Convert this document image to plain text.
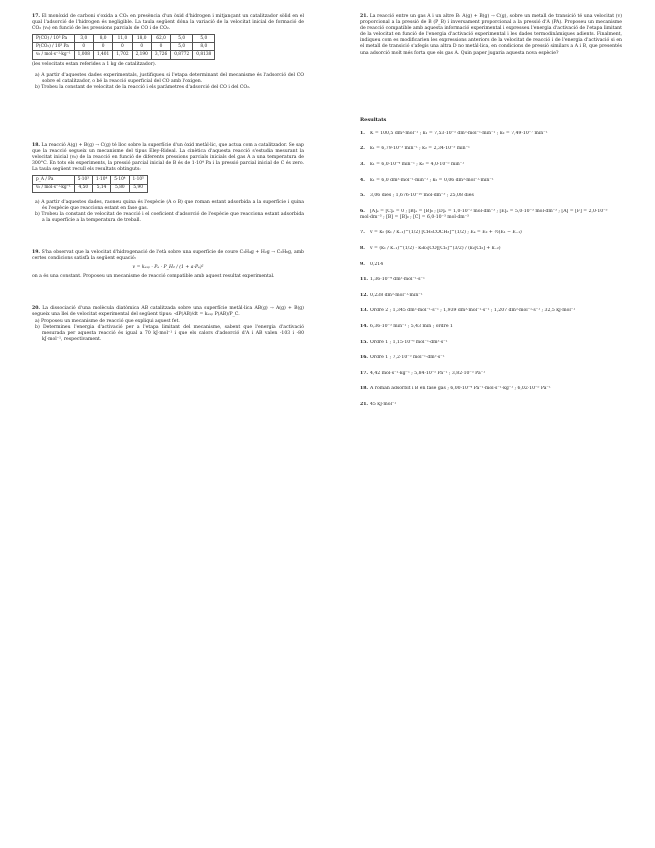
17. El monòxid de carboni s'oxida a CO₂ en presència d'un òxid d'hidrogen i mitjançant un catalitzador sòlid en el qual l'adsorció de l'hidrogen és negligible. La taula següent dóna la variació de la velocitat inicial de formació de CO₂ (v₀) en funció de les pressions parcials de CO i de CO₂.
P(CO) / 10³ Pa	3,0	8,0	11,0	18,0	62,0	5,0	5,0
P(CO₂) / 10³ Pa	0	0	0	0	0	5,0	8,0
v₀ / mol·s⁻¹·kg⁻¹	1,008	1,401	1,702	2,190	3,726	0,8772	0,8138
(les velocitats estan referides a 1 kg de catalitzador).
a) A partir d'aquestes dades experimentals, justifiqueu si l'etapa determinant del mecanisme és l'adsorció del CO sobre el catalitzador, o bé la reacció superficial del CO amb l'oxigen.
b) Trobeu la constant de velocitat de la reacció i els paràmetres d'adsorció del CO i del CO₂.
18. La reacció A(g) + B(g) → C(g) té lloc sobre la superfície d'un òxid metàl·lic, que actua com a catalitzador. Se sap que la reacció segueix un mecanisme del tipus Eley-Rideal. La cinètica d'aquesta reacció s'estudia mesurant la velocitat inicial (v₀) de la reacció en funció de diferents pressions parcials inicials del gas A a una temperatura de 300°C. En tots els experiments, la pressió parcial inicial de B és de 1·10⁴ Pa i la pressió parcial inicial de C és zero. La taula següent recull els resultats obtinguts:
p_A / Pa	5·10³	1·10⁴	5·10⁴	1·10⁵
v₀ / mol·s⁻¹·kg⁻¹	4,50	5,14	5,80	5,90
a) A partir d'aquestes dades, raoneu quina és l'espècie (A o B) que roman estant adsorbida a la superfície i quina és l'espècie que reacciona estant en fase gas.
b) Trobeu la constant de velocitat de reacció i el coeficient d'adsorció de l'espècie que reacciona estant adsorbida a la superfície a la temperatura de treball.
19. S'ha observat que la velocitat d'hidrogenació de l'età sobre una superfície de coure C₂H₄g + H₂g → C₂H₆g, amb certes condicions satisfà la següent equació:
v = kₑₓₚ · Pₑ · P_H₂ / (1 + a·Pₑ)²
on a és una constant. Proposeu un mecanisme de reacció compatible amb aquest resultat experimental.
20. La dissociació d'una molècula diatòmica AB catalitzada sobre una superfície metàl·lica AB(g) → A(g) + B(g) segueix una llei de velocitat experimental del següent tipus: -dP(AB)/dt = kₑₓₚ P(AB)/P_C.
a) Proposeu un mecanisme de reacció que expliqui aquest fet.
b) Determineu l'energia d'activació per a l'etapa limitant del mecanisme, sabent que l'energia d'activació mesurada per aquesta reacció és igual a 70 kJ·mol⁻¹ i que els calors d'adsorció d'A i AB valen -103 i -80 kJ·mol⁻¹, respectivament.
21. La reacció entre un gas A i un altre B: A(g) + B(g) → C(g), sobre un metall de transició té una velocitat (v) proporcional a la pressió de B (P_B) i inversament proporcional a la pressió d'A (PA). Proposeu un mecanisme de reacció compatible amb aquesta informació experimental i expresseu l'energia d'activació de l'etapa limitant de la velocitat en funció de l'energia d'activació experimental i les dades termodinàmiques adients. Finalment, indiqueu com es modificarien les expressions anteriors de la velocitat de reacció i de l'energia d'activació si en el metall de transició s'afegís una altra D no metàl·lica, en condicions de pressió similars a A i B, que presentés una adsorció molt més forta que els gas A. Quin paper jugaria aquesta nova espècie?
Resultats
1. K = 100,5 dm³·mol⁻¹ ; k₁ = 7,53·10⁻⁵ dm³·mol⁻¹·min⁻¹ ; k₂ = 7,49·10⁻⁷ min⁻¹
2. k₁ = 6,79·10⁻³ min⁻¹ ; k₂ = 2,34·10⁻³ min⁻¹
3. k₁ = 6,0·10⁻⁴ min⁻¹ ; k₂ = 4,0·10⁻⁵ min⁻¹
4. k₁ = 6,0 dm³·mol⁻¹·min⁻¹ ; k₂ = 0,06 dm³·mol⁻¹·min⁻¹
5. 3,06 dies ; 1,676·10⁻¹⁰ mol·dm⁻³ ; 25,08 dies
6. [A]ₑ = [C]ₑ = 0 ; [B]ₑ = [B]₀ ; [D]ₑ = 1,0·10⁻² mol·dm⁻³ ; [E]ₑ = 5,0·10⁻³ mol·dm⁻³ ; [A] = [F] = 2,0·10⁻³ mol·dm⁻³ ; [B] = [B]₀ ; [C] = 6,0·10⁻³ mol·dm⁻³
7. v = k₂ (k₁ / k₋₁)^(1/2) [CH₃COCH₃]^(1/2) ; Eₐ = E₂ + ½(E₁ − E₋₁)
8. v = (k₁ / k₋₁)^(1/2) · k₂k₃[CO][Cl₂]^(3/2) / (k₂[Cl₂] + k₋₂)
9. 0,214
11. 1,36·10⁻⁴ dm³·mol⁻¹·s⁻¹
12. 0,238 dm³·mol⁻¹·min⁻¹
13. Ordre 2 ; 1,345 dm³·mol⁻¹·s⁻¹ ; 1,939 dm³·mol⁻¹·s⁻¹ ; 1,207 dm³·mol⁻¹·s⁻¹ ; 32,5 kJ·mol⁻¹
14. 6,36·10⁻³ min⁻¹ ; 5,43 min ; ordre 1
15. Ordre 1 ; 1,15·10⁻⁶ mol⁻¹·dm³·s⁻¹
16. Ordre 1 ; 7,2·10⁻³ mol⁻¹·dm³·s⁻¹
17. 4,42 mol·s⁻¹·kg⁻¹ ; 5,84·10⁻⁵ Pa⁻¹ ; 3,82·10⁻⁵ Pa⁻¹
18. A roman adsorbit i B en fase gas ; 6,00·10⁻⁴ Pa⁻¹·mol·s⁻¹·kg⁻¹ ; 6,02·10⁻⁵ Pa⁻¹
21. 45 kJ·mol⁻¹
